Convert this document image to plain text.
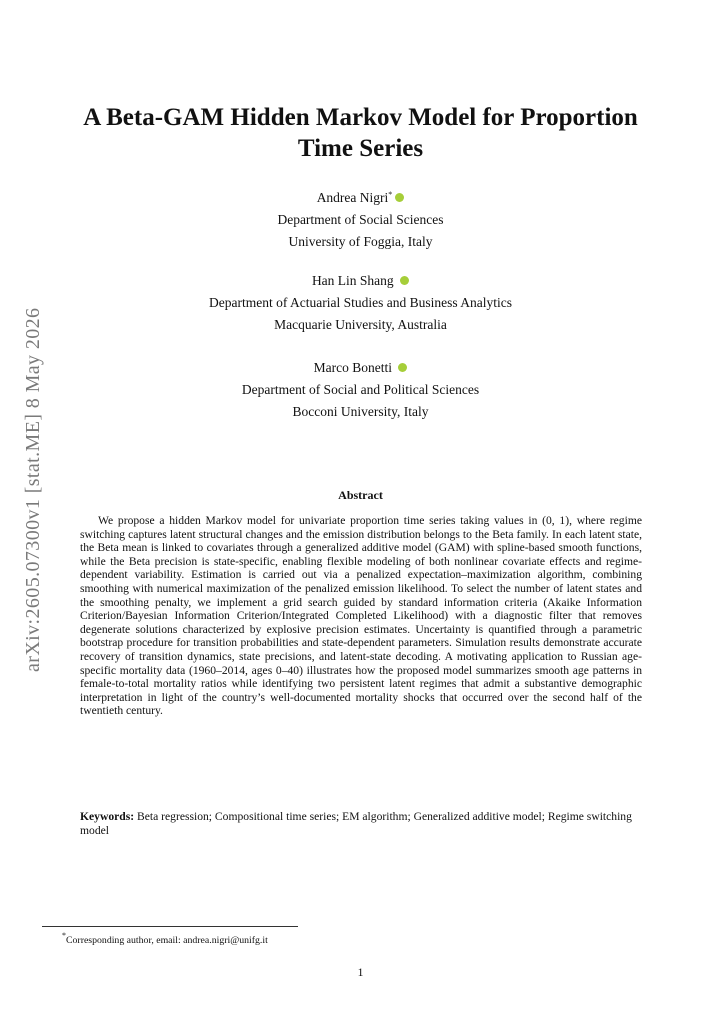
arXiv:2605.07300v1 [stat.ME] 8 May 2026
A Beta-GAM Hidden Markov Model for Proportion
Time Series
Andrea Nigri*
Department of Social Sciences
University of Foggia, Italy
Han Lin Shang
Department of Actuarial Studies and Business Analytics
Macquarie University, Australia
Marco Bonetti
Department of Social and Political Sciences
Bocconi University, Italy
Abstract

We propose a hidden Markov model for univariate proportion time series taking values in (0, 1), where regime switching captures latent structural changes and the emission distribution belongs to the Beta family. In each latent state, the Beta mean is linked to covariates through a generalized additive model (GAM) with spline-based smooth functions, while the Beta precision is state-specific, enabling flexible modeling of both nonlinear covariate effects and regime-dependent variability. Estimation is carried out via a penalized expectation–maximization algorithm, combining smoothing with numerical maximization of the penalized emission likelihood. To select the number of latent states and the smoothing penalty, we implement a grid search guided by standard information criteria (Akaike Information Criterion/Bayesian Information Criterion/Integrated Completed Likelihood) with a diagnostic filter that removes degenerate solutions characterized by explosive precision estimates. Uncertainty is quantified through a parametric bootstrap procedure for transition probabilities and state-dependent parameters. Simulation results demonstrate accurate recovery of transition dynamics, state precisions, and latent-state decoding. A motivating application to Russian age-specific mortality data (1960–2014, ages 0–40) illustrates how the proposed model summarizes smooth age patterns in female-to-total mortality ratios while identifying two persistent latent regimes that admit a substantive demographic interpretation in light of the country’s well-documented mortality shocks that occurred over the second half of the twentieth century.

Keywords: Beta regression; Compositional time series; EM algorithm; Generalized additive model; Regime switching model
*Corresponding author, email: andrea.nigri@unifg.it
1
